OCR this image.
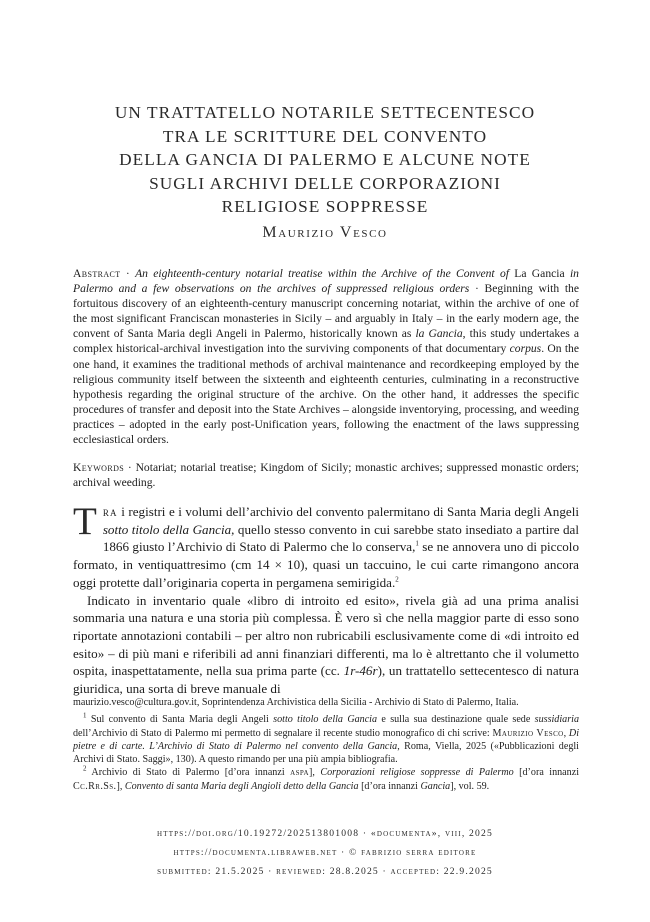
UN TRATTATELLO NOTARILE SETTECENTESCO
TRA LE SCRITTURE DEL CONVENTO
DELLA GANCIA DI PALERMO E ALCUNE NOTE
SUGLI ARCHIVI DELLE CORPORAZIONI
RELIGIOSE SOPPRESSE
Maurizio Vesco
Abstract · An eighteenth-century notarial treatise within the Archive of the Convent of La Gancia in Palermo and a few observations on the archives of suppressed religious orders · Beginning with the fortuitous discovery of an eighteenth-century manuscript concerning notariat, within the archive of one of the most significant Franciscan monasteries in Sicily – and arguably in Italy – in the early modern age, the convent of Santa Maria degli Angeli in Palermo, historically known as la Gancia, this study undertakes a complex historical-archival investigation into the surviving components of that documentary corpus. On the one hand, it examines the traditional methods of archival maintenance and recordkeeping employed by the religious community itself between the sixteenth and eighteenth centuries, culminating in a reconstructive hypothesis regarding the original structure of the archive. On the other hand, it addresses the specific procedures of transfer and deposit into the State Archives – alongside inventorying, processing, and weeding practices – adopted in the early post-Unification years, following the enactment of the laws suppressing ecclesiastical orders.
Keywords · Notariat; notarial treatise; Kingdom of Sicily; monastic archives; suppressed monastic orders; archival weeding.

Tra i registri e i volumi dell’archivio del convento palermitano di Santa Maria degli Angeli sotto titolo della Gancia, quello stesso convento in cui sarebbe stato insediato a partire dal 1866 giusto l’Archivio di Stato di Palermo che lo conserva,$^1$ se ne annovera uno di piccolo formato, in ventiquattresimo (cm 14 × 10), quasi un taccuino, le cui carte rimangono ancora oggi protette dall’originaria coperta in pergamena semirigida.$^2$

Indicato in inventario quale «libro di introito ed esito», rivela già ad una prima analisi sommaria una natura e una storia più complessa. È vero sì che nella maggior parte di esso sono riportate annotazioni contabili – per altro non rubricabili esclusivamente come di «di introito ed esito» – di più mani e riferibili ad anni finanziari differenti, ma lo è altrettanto che il volumetto ospita, inaspettatamente, nella sua prima parte (cc. 1r-46r), un trattatello settecentesco di natura giuridica, una sorta di breve manuale di

maurizio.vesco@cultura.gov.it, Soprintendenza Archivistica della Sicilia - Archivio di Stato di Palermo, Italia.

$^1$ Sul convento di Santa Maria degli Angeli sotto titolo della Gancia e sulla sua destinazione quale sede sussidiaria dell’Archivio di Stato di Palermo mi permetto di segnalare il recente studio monografico di chi scrive: Maurizio Vesco, Di pietre e di carte. L’Archivio di Stato di Palermo nel convento della Gancia, Roma, Viella, 2025 («Pubblicazioni degli Archivi di Stato. Saggi», 130). A questo rimando per una più ampia bibliografia.

$^2$ Archivio di Stato di Palermo [d’ora innanzi aspa], Corporazioni religiose soppresse di Palermo [d’ora innanzi Cc.Rr.Ss.], Convento di santa Maria degli Angioli detto della Gancia [d’ora innanzi Gancia], vol. 59.

https://doi.org/10.19272/202513801008 · «documenta», viii, 2025
https://documenta.libraweb.net · © fabrizio serra editore
submitted: 21.5.2025 · reviewed: 28.8.2025 · accepted: 22.9.2025
